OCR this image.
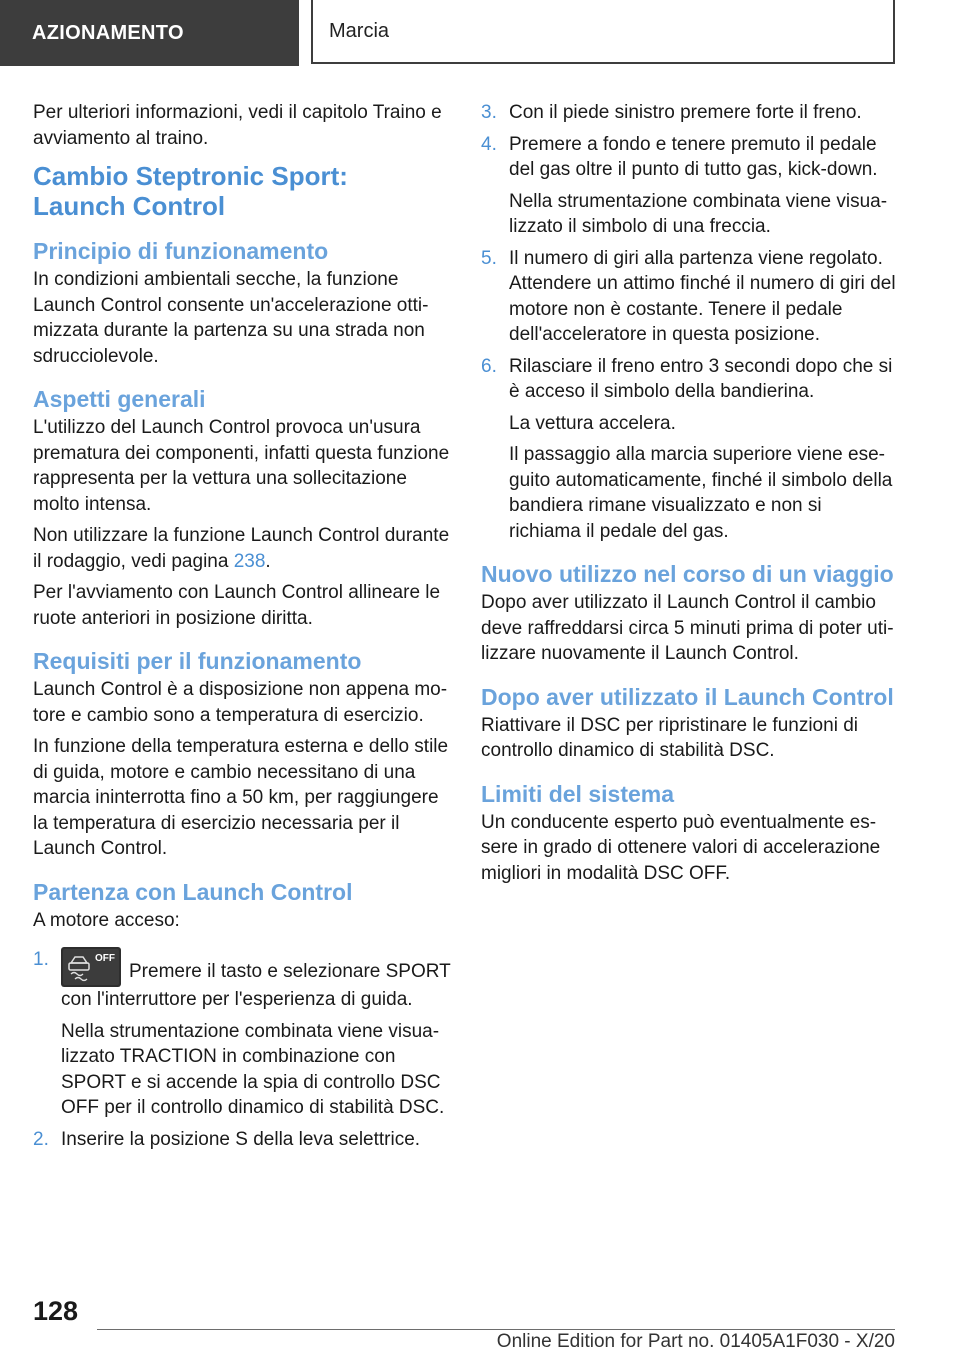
AZIONAMENTO	Marcia

Per ulteriori informazioni, vedi il capitolo Traino e avviamento al traino.

Cambio Steptronic Sport:
Launch Control
Principio di funzionamento

In condizioni ambientali secche, la funzione Launch Control consente un'accelerazione ottimizzata durante la partenza su una strada non sdrucciolevole.

Aspetti generali

L'utilizzo del Launch Control provoca un'usura prematura dei componenti, infatti questa funzione rappresenta per la vettura una sollecitazione molto intensa.

Non utilizzare la funzione Launch Control durante il rodaggio, vedi pagina 238.

Per l'avviamento con Launch Control allineare le ruote anteriori in posizione diritta.

Requisiti per il funzionamento

Launch Control è a disposizione non appena motore e cambio sono a temperatura di esercizio.

In funzione della temperatura esterna e dello stile di guida, motore e cambio necessitano di una marcia ininterrotta fino a 50 km, per raggiungere la temperatura di esercizio necessaria per il Launch Control.

Partenza con Launch Control

A motore acceso:

1.	OFF
Premere il tasto e selezionare SPORT con l'interruttore per l'esperienza di guida.

Nella strumentazione combinata viene visualizzato TRACTION in combinazione con SPORT e si accende la spia di controllo DSC OFF per il controllo dinamico di stabilità DSC.

2. Inserire la posizione S della leva selettrice.

3. Con il piede sinistro premere forte il freno.

4. Premere a fondo e tenere premuto il pedale del gas oltre il punto di tutto gas, kick-down.

Nella strumentazione combinata viene visualizzato il simbolo di una freccia.

5. Il numero di giri alla partenza viene regolato. Attendere un attimo finché il numero di giri del motore non è costante. Tenere il pedale dell'acceleratore in questa posizione.

6. Rilasciare il freno entro 3 secondi dopo che si è acceso il simbolo della bandierina.

La vettura accelera.

Il passaggio alla marcia superiore viene eseguito automaticamente, finché il simbolo della bandiera rimane visualizzato e non si richiama il pedale del gas.

Nuovo utilizzo nel corso di un viaggio

Dopo aver utilizzato il Launch Control il cambio deve raffreddarsi circa 5 minuti prima di poter utilizzare nuovamente il Launch Control.

Dopo aver utilizzato il Launch Control

Riattivare il DSC per ripristinare le funzioni di controllo dinamico di stabilità DSC.

Limiti del sistema

Un conducente esperto può eventualmente essere in grado di ottenere valori di accelerazione migliori in modalità DSC OFF.

128
Online Edition for Part no. 01405A1F030 - X/20
